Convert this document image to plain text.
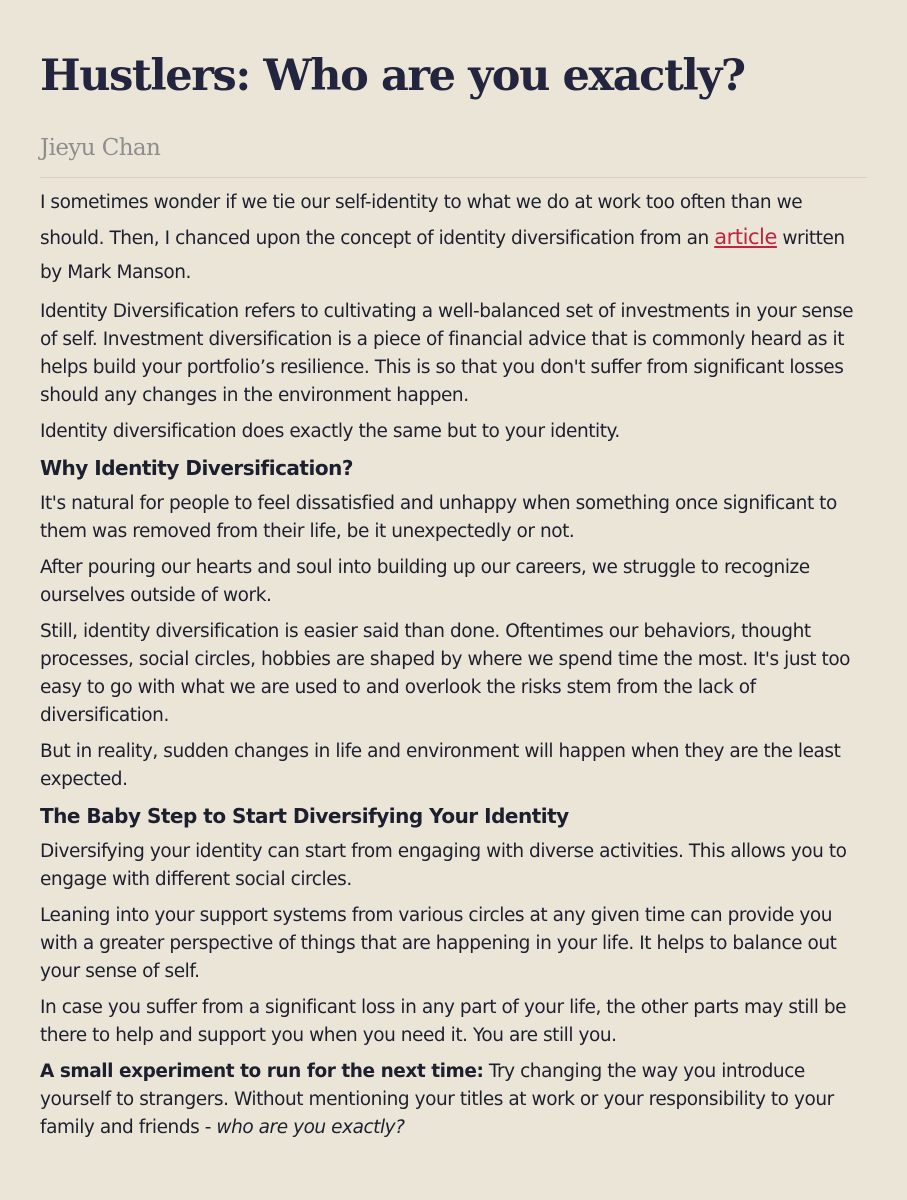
Hustlers: Who are you exactly?
Jieyu Chan

I sometimes wonder if we tie our self-identity to what we do at work too often than we should. Then, I chanced upon the concept of identity diversification from an article written by Mark Manson.

Identity Diversification refers to cultivating a well-balanced set of investments in your sense of self. Investment diversification is a piece of financial advice that is commonly heard as it helps build your portfolio’s resilience. This is so that you don't suffer from significant losses should any changes in the environment happen.

Identity diversification does exactly the same but to your identity.

Why Identity Diversification?

It's natural for people to feel dissatisfied and unhappy when something once significant to them was removed from their life, be it unexpectedly or not.

After pouring our hearts and soul into building up our careers, we struggle to recognize ourselves outside of work.

Still, identity diversification is easier said than done. Oftentimes our behaviors, thought processes, social circles, hobbies are shaped by where we spend time the most. It's just too easy to go with what we are used to and overlook the risks stem from the lack of diversification.

But in reality, sudden changes in life and environment will happen when they are the least expected.

The Baby Step to Start Diversifying Your Identity

Diversifying your identity can start from engaging with diverse activities. This allows you to engage with different social circles.

Leaning into your support systems from various circles at any given time can provide you with a greater perspective of things that are happening in your life. It helps to balance out your sense of self.

In case you suffer from a significant loss in any part of your life, the other parts may still be there to help and support you when you need it. You are still you.

A small experiment to run for the next time: Try changing the way you introduce yourself to strangers. Without mentioning your titles at work or your responsibility to your family and friends - who are you exactly?
